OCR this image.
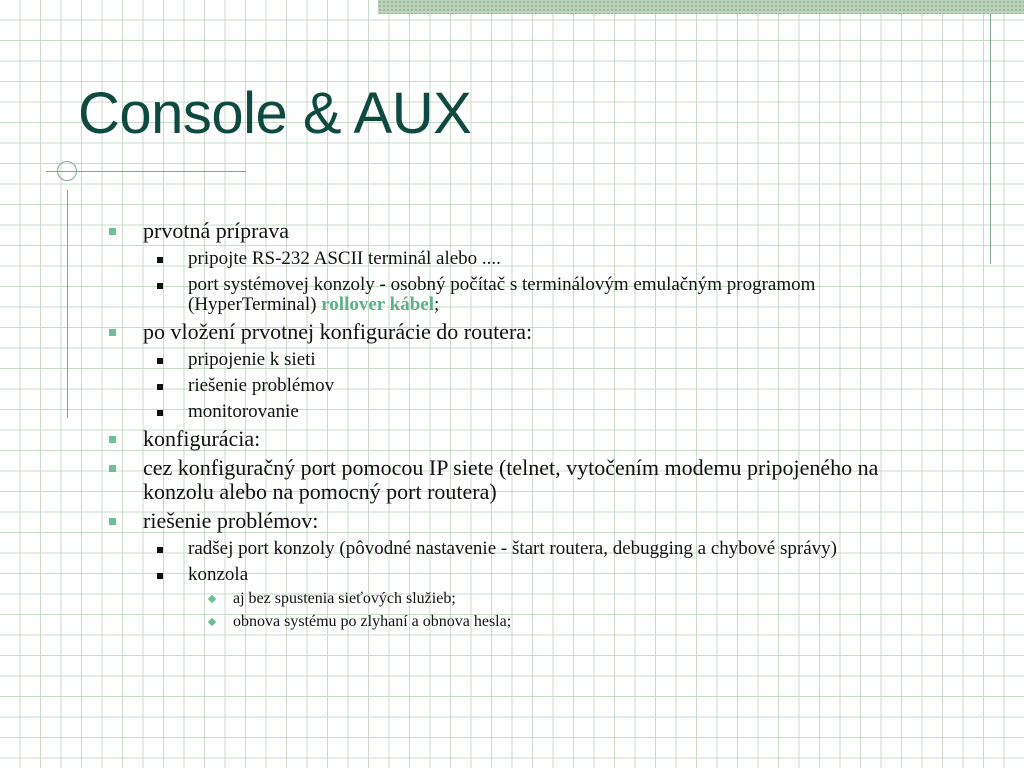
Console & AUX
prvotná príprava
pripojte RS-232 ASCII terminál alebo ....
port systémovej konzoly - osobný počítač s terminálovým emulačným programom (HyperTerminal) rollover kábel;
po vložení prvotnej konfigurácie do routera:
pripojenie k sieti
riešenie problémov
monitorovanie
konfigurácia:
cez konfiguračný port pomocou IP siete (telnet, vytočením modemu pripojeného na konzolu alebo na pomocný port routera)
riešenie problémov:
radšej port konzoly (pôvodné nastavenie - štart routera, debugging a chybové správy)
konzola
aj bez spustenia sieťových služieb;
obnova systému po zlyhaní a obnova hesla;
